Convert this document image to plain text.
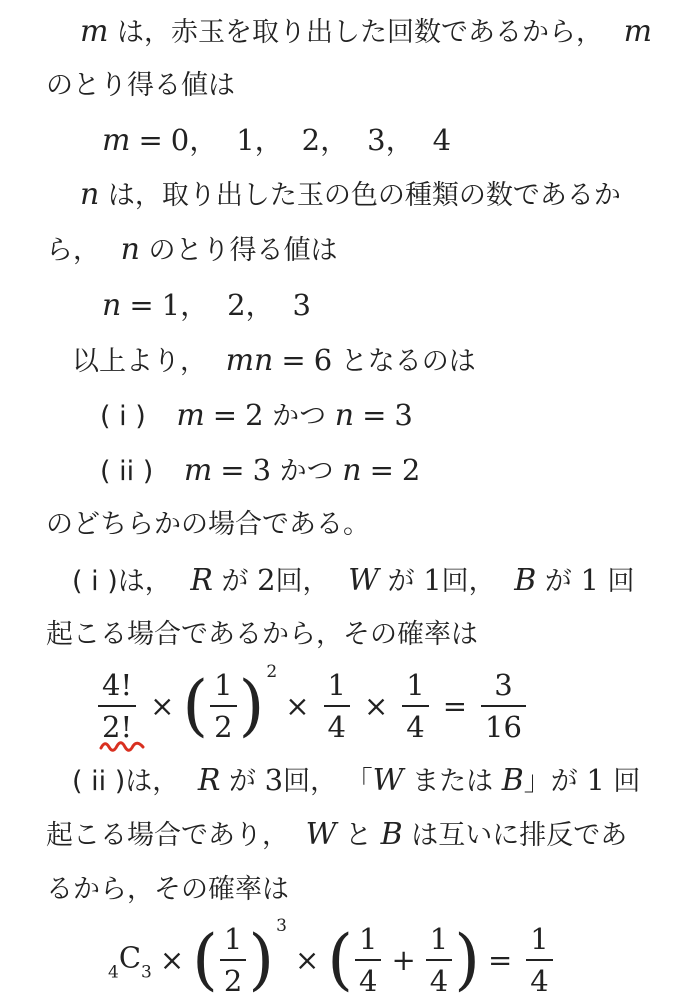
m は，赤玉を取り出した回数であるから， m
のとり得る値は
m = 0， 1， 2， 3， 4
n は，取り出した玉の色の種類の数であるか
ら， n のとり得る値は
n = 1， 2， 3
以上より， mn = 6 となるのは
( i ) m = 2 かつ n = 3
( ii ) m = 3 かつ n = 2
のどちらかの場合である。
( i )は， R が 2回， W が 1回， B が 1 回
起こる場合であるから，その確率は
$\frac{4!}{2!}$ × ( $\frac{1}{2}$ ) $2\times \frac{1}{4} \times \frac{1}{4} = \frac{3}{16}$
( ii )は， R が 3回， 「W または B」が 1 回
起こる場合であり， W と B は互いに排反であ
るから，その確率は
$_4C_3$ × ( $\frac{1}{2}$ ) 3× ( $\frac{1}{4} + \frac{1}{4}$ ) = $\frac{1}{4}$
